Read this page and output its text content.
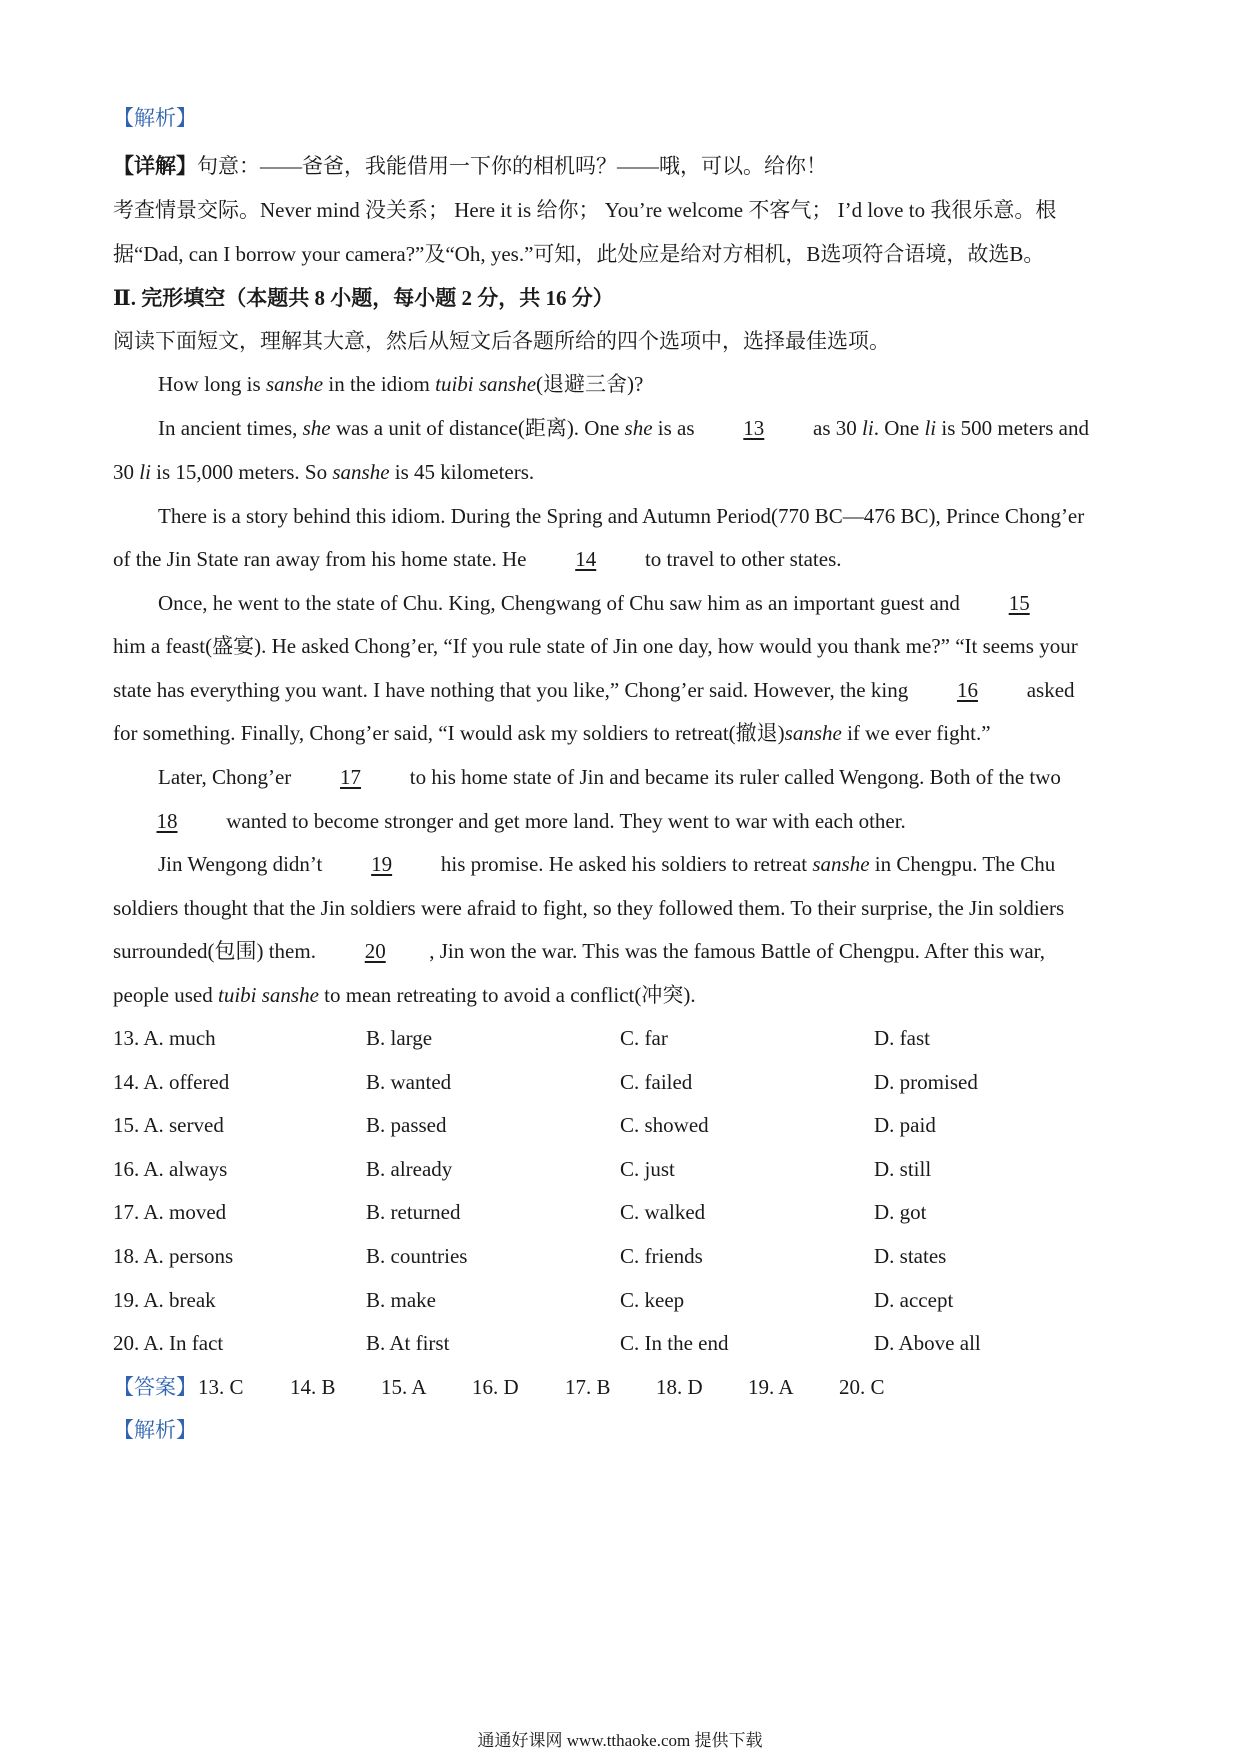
【解析】
【详解】句意：——爸爸，我能借用一下你的相机吗？——哦，可以。给你！
考查情景交际。Never mind 没关系； Here it is 给你； You’re welcome 不客气； I’d love to 我很乐意。根
据“Dad, can I borrow your camera?”及“Oh, yes.”可知，此处应是给对方相机，B选项符合语境，故选B。
Ⅱ. 完形填空（本题共 8 小题，每小题 2 分，共 16 分）
阅读下面短文，理解其大意，然后从短文后各题所给的四个选项中，选择最佳选项。
How long is sanshe in the idiom tuibi sanshe(退避三舍)?
In ancient times, she was a unit of distance(距离). One she is as 13 as 30 li. One li is 500 meters and
30 li is 15,000 meters. So sanshe is 45 kilometers.
There is a story behind this idiom. During the Spring and Autumn Period(770 BC—476 BC), Prince Chong’er
of the Jin State ran away from his home state. He 14 to travel to other states.
Once, he went to the state of Chu. King, Chengwang of Chu saw him as an important guest and 15
him a feast(盛宴). He asked Chong’er, “If you rule state of Jin one day, how would you thank me?” “It seems your
state has everything you want. I have nothing that you like,” Chong’er said. However, the king 16 asked
for something. Finally, Chong’er said, “I would ask my soldiers to retreat(撤退)sanshe if we ever fight.”
Later, Chong’er 17 to his home state of Jin and became its ruler called Wengong. Both of the two
18 wanted to become stronger and get more land. They went to war with each other.
Jin Wengong didn’t 19 his promise. He asked his soldiers to retreat sanshe in Chengpu. The Chu
soldiers thought that the Jin soldiers were afraid to fight, so they followed them. To their surprise, the Jin soldiers
surrounded(包围) them. 20 , Jin won the war. This was the famous Battle of Chengpu. After this war,
people used tuibi sanshe to mean retreating to avoid a conflict(冲突).
13. A. much	B. large	C. far	D. fast
14. A. offered	B. wanted	C. failed	D. promised
15. A. served	B. passed	C. showed	D. paid
16. A. always	B. already	C. just	D. still
17. A. moved	B. returned	C. walked	D. got
18. A. persons	B. countries	C. friends	D. states
19. A. break	B. make	C. keep	D. accept
20. A. In fact	B. At first	C. In the end	D. Above all
【答案】 13. C 14. B 15. A 16. D 17. B 18. D 19. A 20. C
【解析】
通通好课网 www.tthaoke.com 提供下载
